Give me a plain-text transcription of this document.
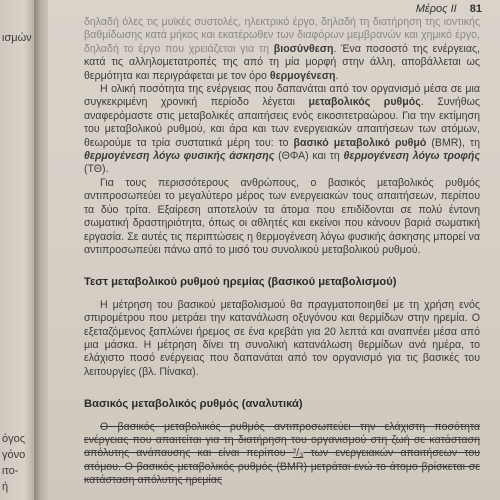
ισμών
όγος
γόνο
ιτο-
ή
Μέρος ΙΙ 81

δηλαδή όλες τις μυϊκές συστολές, ηλεκτρικό έργο, δηλαδή τη διατήρηση της ιοντικής βαθμίδωσης κατά μήκος και εκατέρωθεν των διαφόρων μεμβρανών και χημικό έργο, δηλαδή το έργο που χρειάζεται για τη βιοσύνθεση. Ένα ποσοστό της ενέργειας, κατά τις αλληλομετατροπές της από τη μία μορφή στην άλλη, αποβάλλεται ως θερμότητα και περιγράφεται με τον όρο θερμογένεση.

Η ολική ποσότητα της ενέργειας που δαπανάται από τον οργανισμό μέσα σε μια συγκεκριμένη χρονική περίοδο λέγεται μεταβολικός ρυθμός. Συνήθως αναφερόμαστε στις μεταβολικές απαιτήσεις ενός εικοσιτετραώρου. Για την εκτίμηση του μεταβολικού ρυθμού, και άρα και των ενεργειακών απαιτήσεων των ατόμων, θεωρούμε τα τρία συστατικά μέρη του: το βασικό μεταβολικό ρυθμό (BMR), τη θερμογένεση λόγω φυσικής άσκησης (ΘΦΑ) και τη θερμογένεση λόγω τροφής (ΤΘ).

Για τους περισσότερους ανθρώπους, ο βασικός μεταβολικός ρυθμός αντιπροσωπεύει το μεγαλύτερο μέρος των ενεργειακών τους απαιτήσεων, περίπου τα δύο τρίτα. Εξαίρεση αποτελούν τα άτομα που επιδίδονται σε πολύ έντονη σωματική δραστηριότητα, όπως οι αθλητές και εκείνοι που κάνουν βαριά σωματική εργασία. Σε αυτές τις περιπτώσεις η θερμογένεση λόγω φυσικής άσκησης μπορεί να αντιπροσωπεύει πάνω από το μισό του συνολικού μεταβολικού ρυθμού.

Τεστ μεταβολικού ρυθμού ηρεμίας (βασικού μεταβολισμού)

Η μέτρηση του βασικού μεταβολισμού θα πραγματοποιηθεί με τη χρήση ενός σπιρομέτρου που μετράει την κατανάλωση οξυγόνου και θερμίδων στην ηρεμία. Ο εξεταζόμενος ξαπλώνει ήρεμος σε ένα κρεβάτι για 20 λεπτά και αναπνέει μέσα από μια μάσκα. Η μέτρηση δίνει τη συνολική κατανάλωση θερμίδων ανά ημέρα, το ελάχιστο ποσό ενέργειας που δαπανάται από τον οργανισμό για τις βασικές του λειτουργίες (βλ. Πίνακα).

Βασικός μεταβολικός ρυθμός (αναλυτικά)

Ο βασικός μεταβολικός ρυθμός αντιπροσωπεύει την ελάχιστη ποσότητα ενέργειας που απαιτείται για τη διατήρηση του οργανισμού στη ζωή σε κατάσταση απόλυτης ανάπαυσης και είναι περίπου ²/₃ των ενεργειακών απαιτήσεων του ατόμου. Ο βασικός μεταβολικός ρυθμός (BMR) μετράται ενώ το άτομο βρίσκεται σε κατάσταση απόλυτης ηρεμίας
